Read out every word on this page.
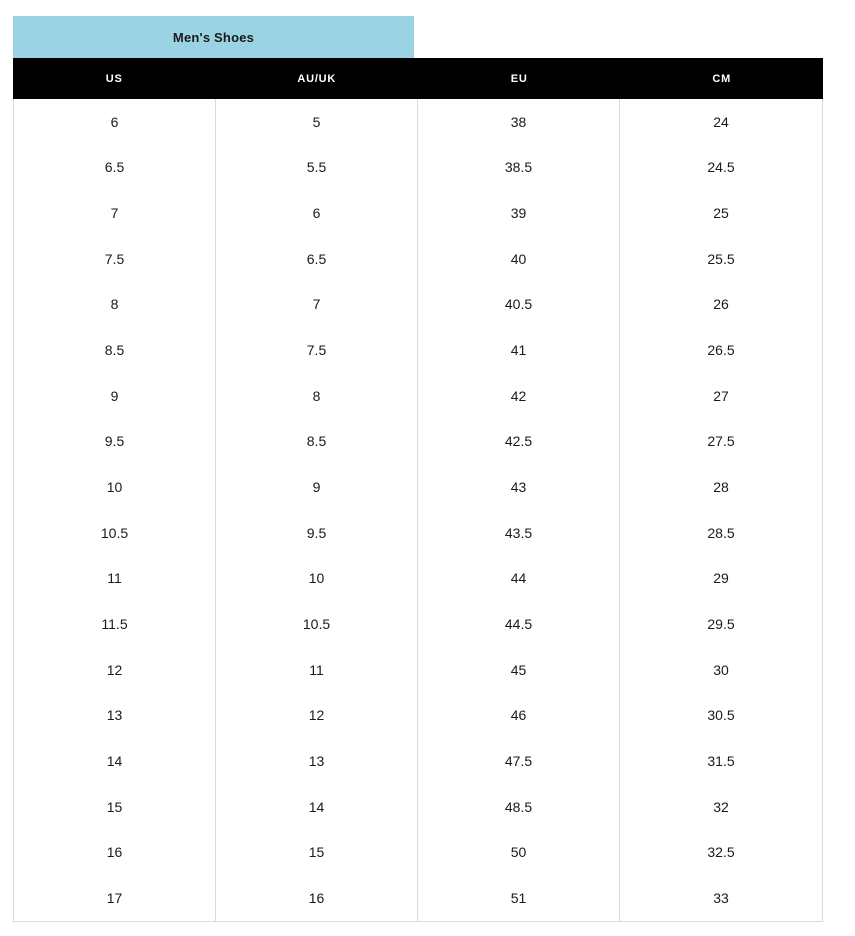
Men's Shoes
US	AU/UK	EU	CM
6	5	38	24
6.5	5.5	38.5	24.5
7	6	39	25
7.5	6.5	40	25.5
8	7	40.5	26
8.5	7.5	41	26.5
9	8	42	27
9.5	8.5	42.5	27.5
10	9	43	28
10.5	9.5	43.5	28.5
11	10	44	29
11.5	10.5	44.5	29.5
12	11	45	30
13	12	46	30.5
14	13	47.5	31.5
15	14	48.5	32
16	15	50	32.5
17	16	51	33
